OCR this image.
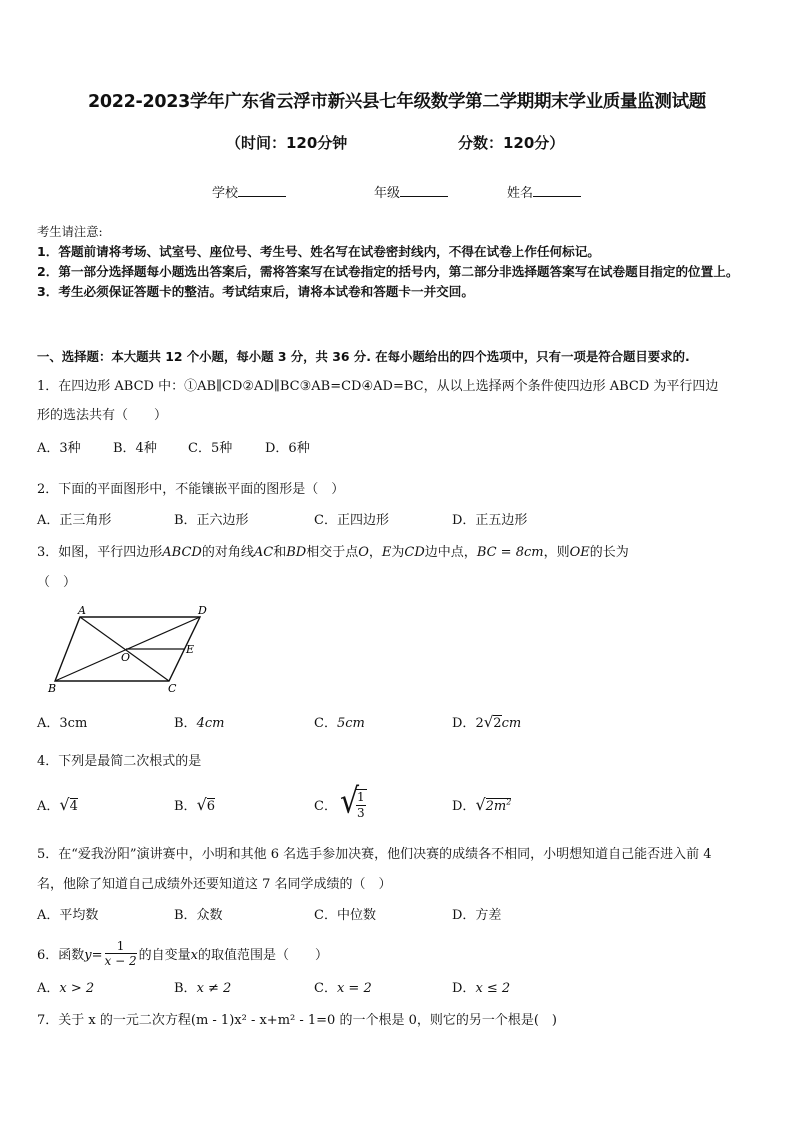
2022-2023学年广东省云浮市新兴县七年级数学第二学期期末学业质量监测试题
（时间：120分钟	分数：120分）
学校	年级	姓名
考生请注意:
1．答题前请将考场、试室号、座位号、考生号、姓名写在试卷密封线内，不得在试卷上作任何标记。
2．第一部分选择题每小题选出答案后，需将答案写在试卷指定的括号内，第二部分非选择题答案写在试卷题目指定的位置上。
3．考生必须保证答题卡的整洁。考试结束后，请将本试卷和答题卡一并交回。
一、选择题：本大题共 12 个小题，每小题 3 分，共 36 分. 在每小题给出的四个选项中，只有一项是符合题目要求的.
1．在四边形 ABCD 中：①AB∥CD②AD∥BC③AB=CD④AD=BC，从以上选择两个条件使四边形 ABCD 为平行四边
形的选法共有（　　）
A．3种 B．4种 C．5种	D．6种
2．下面的平面图形中，不能镶嵌平面的图形是（　）
A．正三角形	B．正六边形	C．正四边形	D．正五边形
3．如图，平行四边形ABCD的对角线AC和BD相交于点O，E为CD边中点，BC = 8cm，则OE的长为
（　）
A	D
O
E
B	C
A．3cm	B．4cm	C．5cm	D．2√2cm
4．下列是最简二次根式的是
A．√4	B．√6	C． √
1
3	D．$√2m^2$
5．在“爱我汾阳”演讲赛中，小明和其他 6 名选手参加决赛，他们决赛的成绩各不相同，小明想知道自己能否进入前 4
名，他除了知道自己成绩外还要知道这 7 名同学成绩的（　）
A．平均数	B．众数	C．中位数	D．方差
6．函数$y= \frac{1}{x - 2}$ 的自变量x的取值范围是（　　）
A．x > 2	B．x ≠ 2	C．x = 2	D．x ≤ 2
7．关于 x 的一元二次方程(m - 1)x² - x+m² - 1=0 的一个根是 0，则它的另一个根是(　)
